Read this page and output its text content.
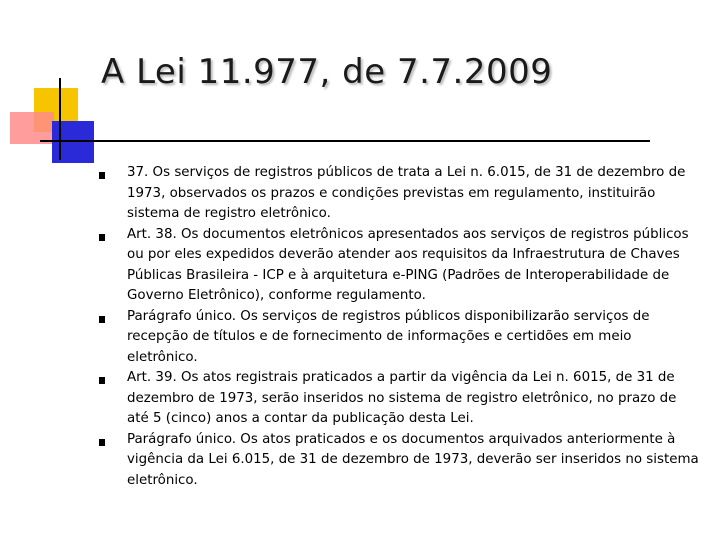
A Lei 11.977, de 7.7.2009
37. Os serviços de registros públicos de trata a Lei n. 6.015, de 31 de dezembro de 1973, observados os prazos e condições previstas em regulamento, instituirão sistema de registro eletrônico.
Art. 38. Os documentos eletrônicos apresentados aos serviços de registros públicos ou por eles expedidos deverão atender aos requisitos da Infraestrutura de Chaves Públicas Brasileira - ICP e à arquitetura e-PING (Padrões de Interoperabilidade de Governo Eletrônico), conforme regulamento.
Parágrafo único. Os serviços de registros públicos disponibilizarão serviços de recepção de títulos e de fornecimento de informações e certidões em meio eletrônico.
Art. 39. Os atos registrais praticados a partir da vigência da Lei n. 6015, de 31 de dezembro de 1973, serão inseridos no sistema de registro eletrônico, no prazo de até 5 (cinco) anos a contar da publicação desta Lei.
Parágrafo único. Os atos praticados e os documentos arquivados anteriormente à vigência da Lei 6.015, de 31 de dezembro de 1973, deverão ser inseridos no sistema eletrônico.
